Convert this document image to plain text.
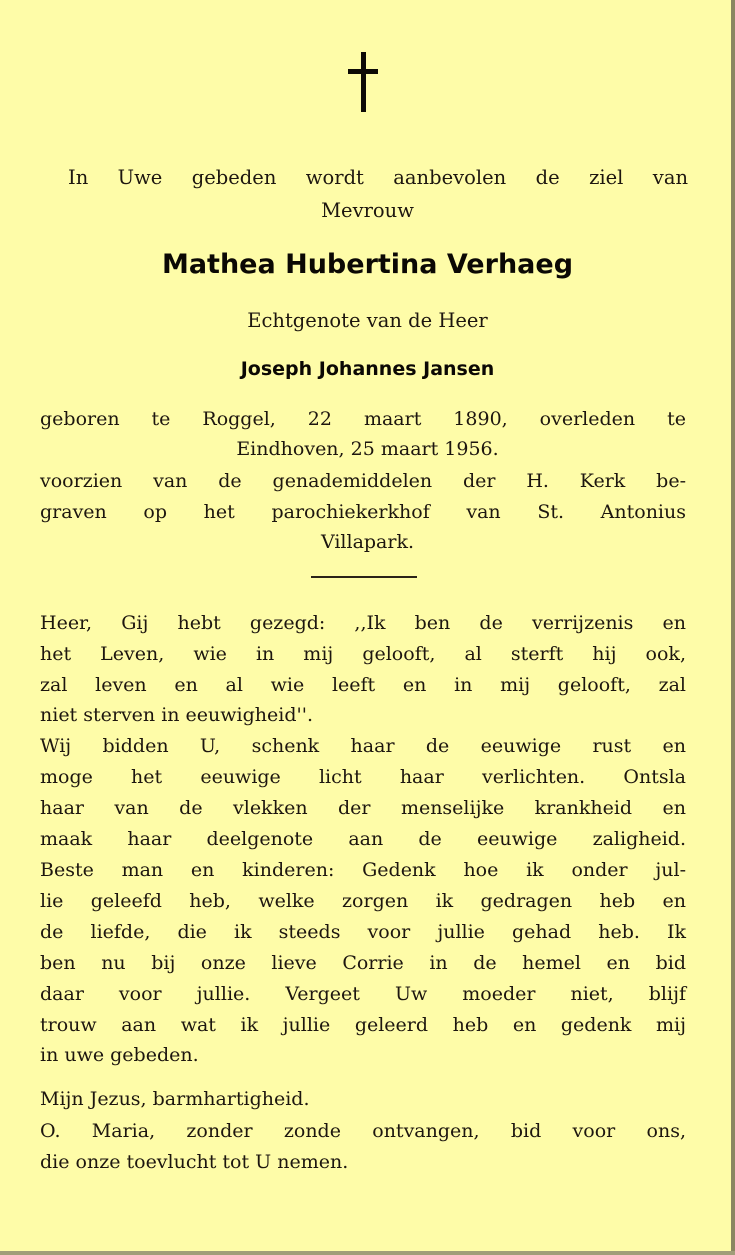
In Uwe gebeden wordt aanbevolen de ziel van
Mevrouw
Mathea Hubertina Verhaeg
Echtgenote van de Heer
Joseph Johannes Jansen
geboren te Roggel, 22 maart 1890, overleden te
Eindhoven, 25 maart 1956.
voorzien van de genademiddelen der H. Kerk be-
graven op het parochiekerkhof van St. Antonius
Villapark.
Heer, Gij hebt gezegd: ,,Ik ben de verrijzenis en
het Leven, wie in mij gelooft, al sterft hij ook,
zal leven en al wie leeft en in mij gelooft, zal
niet sterven in eeuwigheid''.
Wij bidden U, schenk haar de eeuwige rust en
moge het eeuwige licht haar verlichten. Ontsla
haar van de vlekken der menselijke krankheid en
maak haar deelgenote aan de eeuwige zaligheid.
Beste man en kinderen: Gedenk hoe ik onder jul-
lie geleefd heb, welke zorgen ik gedragen heb en
de liefde, die ik steeds voor jullie gehad heb. Ik
ben nu bij onze lieve Corrie in de hemel en bid
daar voor jullie. Vergeet Uw moeder niet, blijf
trouw aan wat ik jullie geleerd heb en gedenk mij
in uwe gebeden.
Mijn Jezus, barmhartigheid.
O. Maria, zonder zonde ontvangen, bid voor ons,
die onze toevlucht tot U nemen.
